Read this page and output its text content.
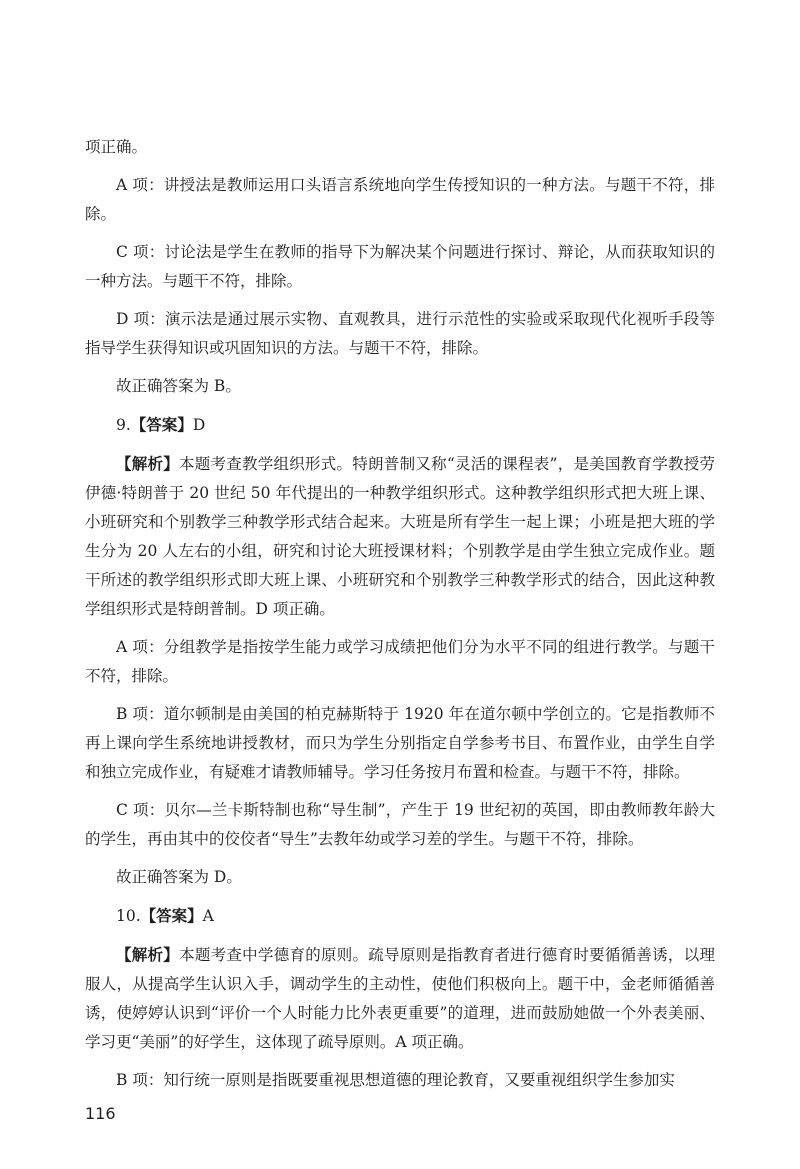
项正确。

A 项：讲授法是教师运用口头语言系统地向学生传授知识的一种方法。与题干不符，排除。

C 项：讨论法是学生在教师的指导下为解决某个问题进行探讨、辩论，从而获取知识的一种方法。与题干不符，排除。

D 项：演示法是通过展示实物、直观教具，进行示范性的实验或采取现代化视听手段等指导学生获得知识或巩固知识的方法。与题干不符，排除。

故正确答案为 B。

9.【答案】D

【解析】本题考查教学组织形式。特朗普制又称“灵活的课程表”，是美国教育学教授劳伊德·特朗普于 20 世纪 50 年代提出的一种教学组织形式。这种教学组织形式把大班上课、小班研究和个别教学三种教学形式结合起来。大班是所有学生一起上课；小班是把大班的学生分为 20 人左右的小组，研究和讨论大班授课材料；个别教学是由学生独立完成作业。题干所述的教学组织形式即大班上课、小班研究和个别教学三种教学形式的结合，因此这种教学组织形式是特朗普制。D 项正确。

A 项：分组教学是指按学生能力或学习成绩把他们分为水平不同的组进行教学。与题干不符，排除。

B 项：道尔顿制是由美国的柏克赫斯特于 1920 年在道尔顿中学创立的。它是指教师不再上课向学生系统地讲授教材，而只为学生分别指定自学参考书目、布置作业，由学生自学和独立完成作业，有疑难才请教师辅导。学习任务按月布置和检查。与题干不符，排除。

C 项：贝尔—兰卡斯特制也称“导生制”，产生于 19 世纪初的英国，即由教师教年龄大的学生，再由其中的佼佼者“导生”去教年幼或学习差的学生。与题干不符，排除。

故正确答案为 D。

10.【答案】A

【解析】本题考查中学德育的原则。疏导原则是指教育者进行德育时要循循善诱，以理服人，从提高学生认识入手，调动学生的主动性，使他们积极向上。题干中，金老师循循善诱，使婷婷认识到“评价一个人时能力比外表更重要”的道理，进而鼓励她做一个外表美丽、学习更“美丽”的好学生，这体现了疏导原则。A 项正确。

B 项：知行统一原则是指既要重视思想道德的理论教育，又要重视组织学生参加实

116
